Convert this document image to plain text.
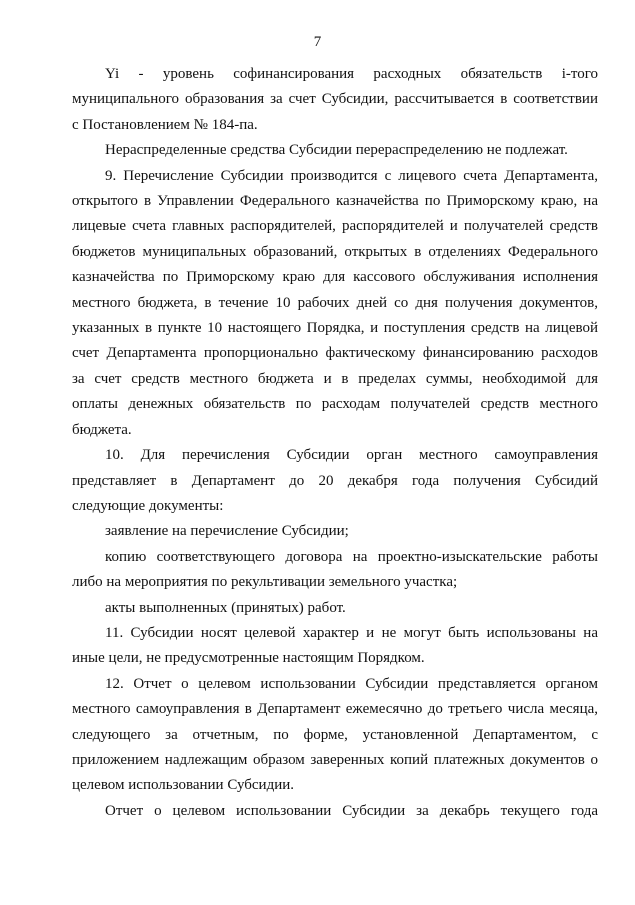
7
Yi - уровень софинансирования расходных обязательств i-того
муниципального образования за счет Субсидии, рассчитывается в соответствии
с Постановлением № 184-па.
Нераспределенные средства Субсидии перераспределению не подлежат.
9. Перечисление Субсидии производится с лицевого счета Департамента,
открытого в Управлении Федерального казначейства по Приморскому краю, на
лицевые счета главных распорядителей, распорядителей и получателей средств
бюджетов муниципальных образований, открытых в отделениях Федерального
казначейства по Приморскому краю для кассового обслуживания исполнения
местного бюджета, в течение 10 рабочих дней со дня получения документов,
указанных в пункте 10 настоящего Порядка, и поступления средств на лицевой
счет Департамента пропорционально фактическому финансированию расходов
за счет средств местного бюджета и в пределах суммы, необходимой для
оплаты денежных обязательств по расходам получателей средств местного
бюджета.
10. Для перечисления Субсидии орган местного самоуправления
представляет в Департамент до 20 декабря года получения Субсидий
следующие документы:
заявление на перечисление Субсидии;
копию соответствующего договора на проектно-изыскательские работы
либо на мероприятия по рекультивации земельного участка;
акты выполненных (принятых) работ.
11. Субсидии носят целевой характер и не могут быть использованы на
иные цели, не предусмотренные настоящим Порядком.
12. Отчет о целевом использовании Субсидии представляется органом
местного самоуправления в Департамент ежемесячно до третьего числа месяца,
следующего за отчетным, по форме, установленной Департаментом, с
приложением надлежащим образом заверенных копий платежных документов о
целевом использовании Субсидии.
Отчет о целевом использовании Субсидии за декабрь текущего года
